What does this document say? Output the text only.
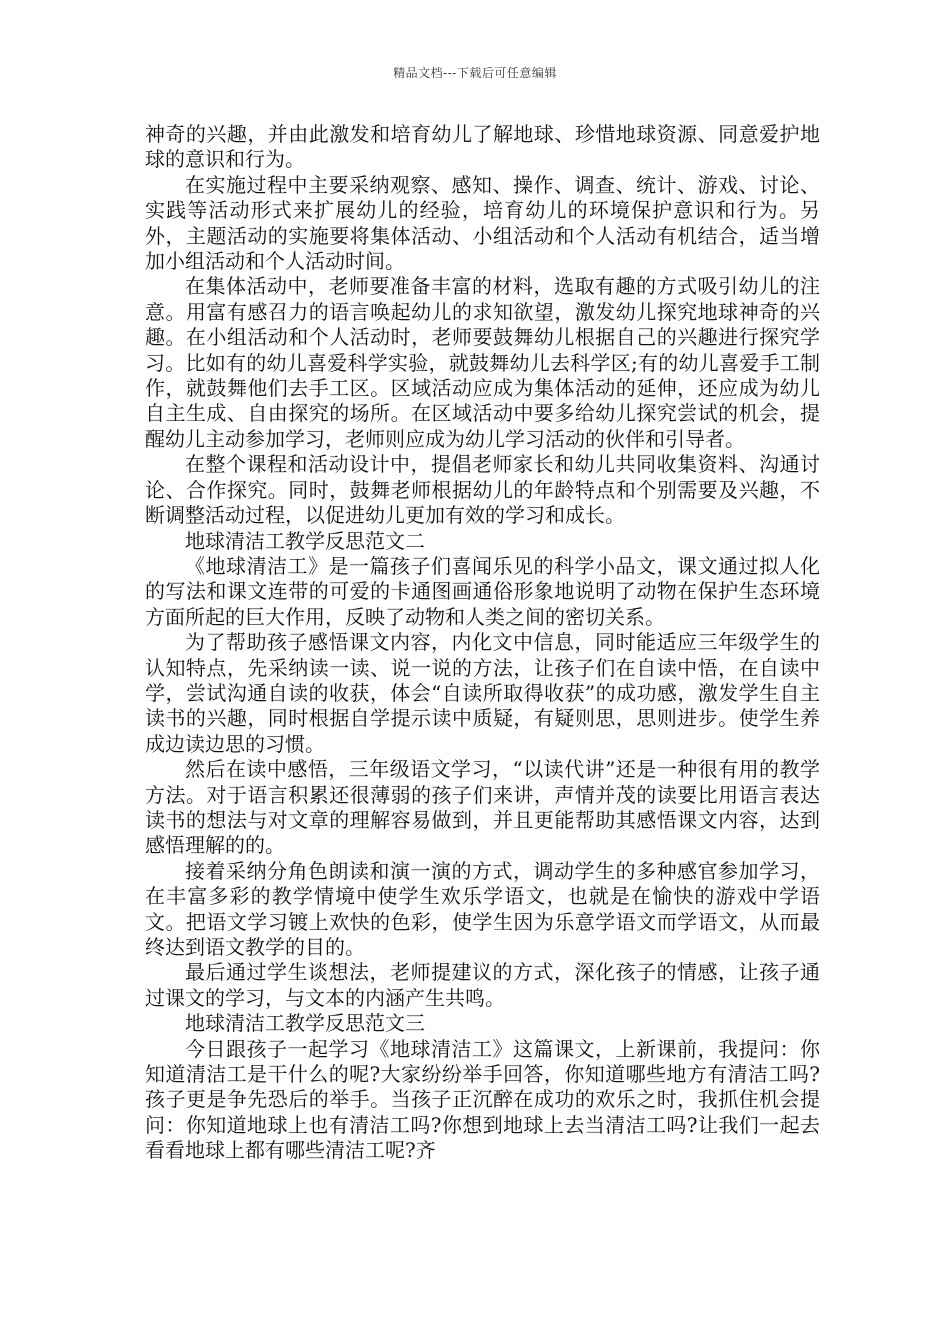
精品文档---下载后可任意编辑

神奇的兴趣，并由此激发和培育幼儿了解地球、珍惜地球资源、同意爱护地球的意识和行为。

在实施过程中主要采纳观察、感知、操作、调查、统计、游戏、讨论、实践等活动形式来扩展幼儿的经验，培育幼儿的环境保护意识和行为。另外，主题活动的实施要将集体活动、小组活动和个人活动有机结合，适当增加小组活动和个人活动时间。

在集体活动中，老师要准备丰富的材料，选取有趣的方式吸引幼儿的注意。用富有感召力的语言唤起幼儿的求知欲望，激发幼儿探究地球神奇的兴趣。在小组活动和个人活动时，老师要鼓舞幼儿根据自己的兴趣进行探究学习。比如有的幼儿喜爱科学实验，就鼓舞幼儿去科学区;有的幼儿喜爱手工制作，就鼓舞他们去手工区。区域活动应成为集体活动的延伸，还应成为幼儿自主生成、自由探究的场所。在区域活动中要多给幼儿探究尝试的机会，提醒幼儿主动参加学习，老师则应成为幼儿学习活动的伙伴和引导者。

在整个课程和活动设计中，提倡老师家长和幼儿共同收集资料、沟通讨论、合作探究。同时，鼓舞老师根据幼儿的年龄特点和个别需要及兴趣，不断调整活动过程，以促进幼儿更加有效的学习和成长。

地球清洁工教学反思范文二

《地球清洁工》是一篇孩子们喜闻乐见的科学小品文，课文通过拟人化的写法和课文连带的可爱的卡通图画通俗形象地说明了动物在保护生态环境方面所起的巨大作用，反映了动物和人类之间的密切关系。

为了帮助孩子感悟课文内容，内化文中信息，同时能适应三年级学生的认知特点，先采纳读一读、说一说的方法，让孩子们在自读中悟，在自读中学，尝试沟通自读的收获，体会“自读所取得收获”的成功感，激发学生自主读书的兴趣，同时根据自学提示读中质疑，有疑则思，思则进步。使学生养成边读边思的习惯。

然后在读中感悟，三年级语文学习，“以读代讲”还是一种很有用的教学方法。对于语言积累还很薄弱的孩子们来讲，声情并茂的读要比用语言表达读书的想法与对文章的理解容易做到，并且更能帮助其感悟课文内容，达到感悟理解的的。

接着采纳分角色朗读和演一演的方式，调动学生的多种感官参加学习，在丰富多彩的教学情境中使学生欢乐学语文，也就是在愉快的游戏中学语文。把语文学习镀上欢快的色彩，使学生因为乐意学语文而学语文，从而最终达到语文教学的目的。

最后通过学生谈想法，老师提建议的方式，深化孩子的情感，让孩子通过课文的学习，与文本的内涵产生共鸣。

地球清洁工教学反思范文三

今日跟孩子一起学习《地球清洁工》这篇课文，上新课前，我提问：你知道清洁工是干什么的呢?大家纷纷举手回答，你知道哪些地方有清洁工吗?孩子更是争先恐后的举手。当孩子正沉醉在成功的欢乐之时，我抓住机会提问：你知道地球上也有清洁工吗?你想到地球上去当清洁工吗?让我们一起去看看地球上都有哪些清洁工呢?齐
